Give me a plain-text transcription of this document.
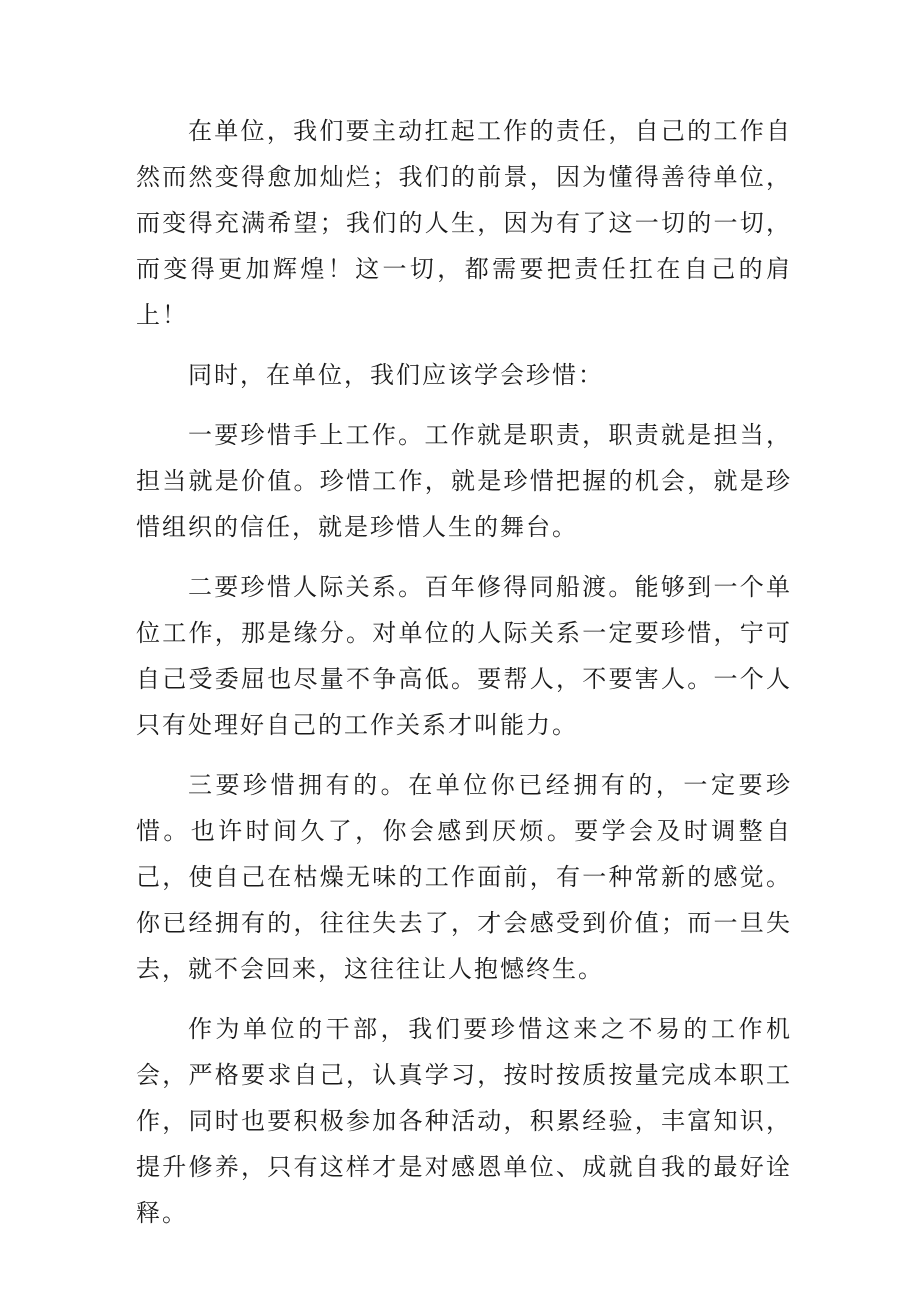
在单位，我们要主动扛起工作的责任，自己的工作自然而然变得愈加灿烂；我们的前景，因为懂得善待单位，而变得充满希望；我们的人生，因为有了这一切的一切，而变得更加辉煌！这一切，都需要把责任扛在自己的肩上！

同时，在单位，我们应该学会珍惜：

一要珍惜手上工作。工作就是职责，职责就是担当，担当就是价值。珍惜工作，就是珍惜把握的机会，就是珍惜组织的信任，就是珍惜人生的舞台。

二要珍惜人际关系。百年修得同船渡。能够到一个单位工作，那是缘分。对单位的人际关系一定要珍惜，宁可自己受委屈也尽量不争高低。要帮人，不要害人。一个人只有处理好自己的工作关系才叫能力。

三要珍惜拥有的。在单位你已经拥有的，一定要珍惜。也许时间久了，你会感到厌烦。要学会及时调整自己，使自己在枯燥无味的工作面前，有一种常新的感觉。你已经拥有的，往往失去了，才会感受到价值；而一旦失去，就不会回来，这往往让人抱憾终生。

作为单位的干部，我们要珍惜这来之不易的工作机会，严格要求自己，认真学习，按时按质按量完成本职工作，同时也要积极参加各种活动，积累经验，丰富知识，提升修养，只有这样才是对感恩单位、成就自我的最好诠释。
